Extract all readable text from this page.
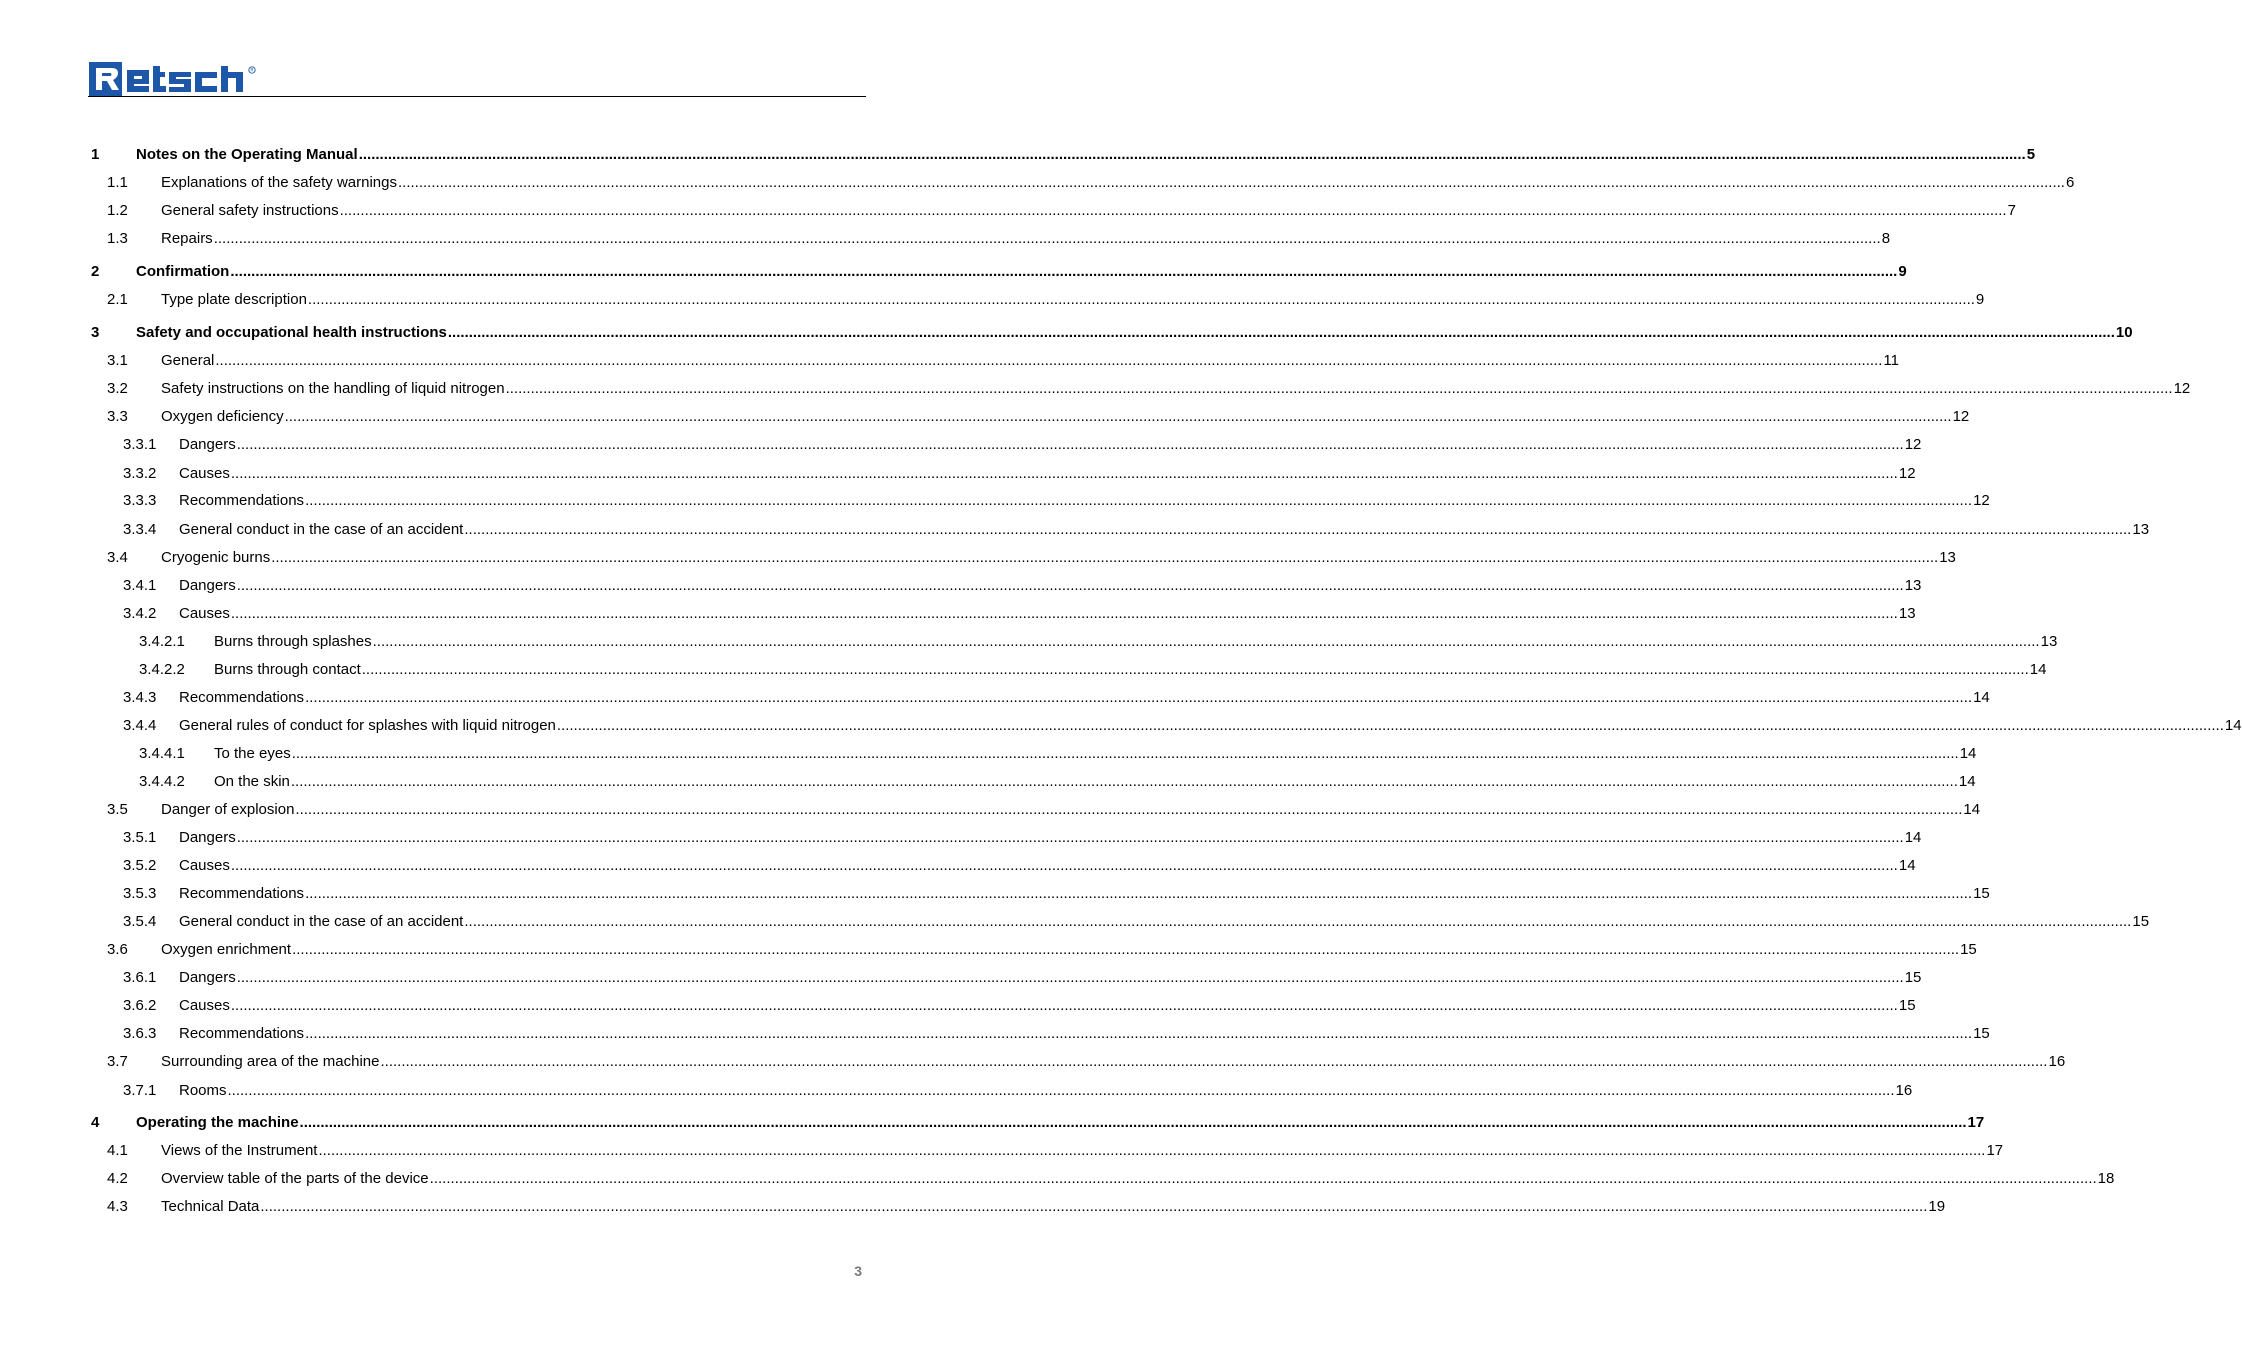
R
1 Notes on the Operating Manual ................................................................................................................................................................................................................................................................................................................................................................................................................ 5
1.1 Explanations of the safety warnings ................................................................................................................................................................................................................................................................................................................................................................................................................ 6
1.2 General safety instructions ................................................................................................................................................................................................................................................................................................................................................................................................................ 7
1.3 Repairs ................................................................................................................................................................................................................................................................................................................................................................................................................ 8
2 Confirmation ................................................................................................................................................................................................................................................................................................................................................................................................................ 9
2.1 Type plate description ................................................................................................................................................................................................................................................................................................................................................................................................................ 9
3 Safety and occupational health instructions ................................................................................................................................................................................................................................................................................................................................................................................................................ 10
3.1 General ................................................................................................................................................................................................................................................................................................................................................................................................................ 11
3.2 Safety instructions on the handling of liquid nitrogen ................................................................................................................................................................................................................................................................................................................................................................................................................ 12
3.3 Oxygen deficiency ................................................................................................................................................................................................................................................................................................................................................................................................................ 12
3.3.1 Dangers ................................................................................................................................................................................................................................................................................................................................................................................................................ 12
3.3.2 Causes ................................................................................................................................................................................................................................................................................................................................................................................................................ 12
3.3.3 Recommendations ................................................................................................................................................................................................................................................................................................................................................................................................................ 12
3.3.4 General conduct in the case of an accident ................................................................................................................................................................................................................................................................................................................................................................................................................ 13
3.4 Cryogenic burns ................................................................................................................................................................................................................................................................................................................................................................................................................ 13
3.4.1 Dangers ................................................................................................................................................................................................................................................................................................................................................................................................................ 13
3.4.2 Causes ................................................................................................................................................................................................................................................................................................................................................................................................................ 13
3.4.2.1 Burns through splashes ................................................................................................................................................................................................................................................................................................................................................................................................................ 13
3.4.2.2 Burns through contact ................................................................................................................................................................................................................................................................................................................................................................................................................ 14
3.4.3 Recommendations ................................................................................................................................................................................................................................................................................................................................................................................................................ 14
3.4.4 General rules of conduct for splashes with liquid nitrogen ................................................................................................................................................................................................................................................................................................................................................................................................................ 14
3.4.4.1 To the eyes ................................................................................................................................................................................................................................................................................................................................................................................................................ 14
3.4.4.2 On the skin ................................................................................................................................................................................................................................................................................................................................................................................................................ 14
3.5 Danger of explosion ................................................................................................................................................................................................................................................................................................................................................................................................................ 14
3.5.1 Dangers ................................................................................................................................................................................................................................................................................................................................................................................................................ 14
3.5.2 Causes ................................................................................................................................................................................................................................................................................................................................................................................................................ 14
3.5.3 Recommendations ................................................................................................................................................................................................................................................................................................................................................................................................................ 15
3.5.4 General conduct in the case of an accident ................................................................................................................................................................................................................................................................................................................................................................................................................ 15
3.6 Oxygen enrichment ................................................................................................................................................................................................................................................................................................................................................................................................................ 15
3.6.1 Dangers ................................................................................................................................................................................................................................................................................................................................................................................................................ 15
3.6.2 Causes ................................................................................................................................................................................................................................................................................................................................................................................................................ 15
3.6.3 Recommendations ................................................................................................................................................................................................................................................................................................................................................................................................................ 15
3.7 Surrounding area of the machine ................................................................................................................................................................................................................................................................................................................................................................................................................ 16
3.7.1 Rooms ................................................................................................................................................................................................................................................................................................................................................................................................................ 16
4 Operating the machine ................................................................................................................................................................................................................................................................................................................................................................................................................ 17
4.1 Views of the Instrument ................................................................................................................................................................................................................................................................................................................................................................................................................ 17
4.2 Overview table of the parts of the device ................................................................................................................................................................................................................................................................................................................................................................................................................ 18
4.3 Technical Data ................................................................................................................................................................................................................................................................................................................................................................................................................ 19
3
